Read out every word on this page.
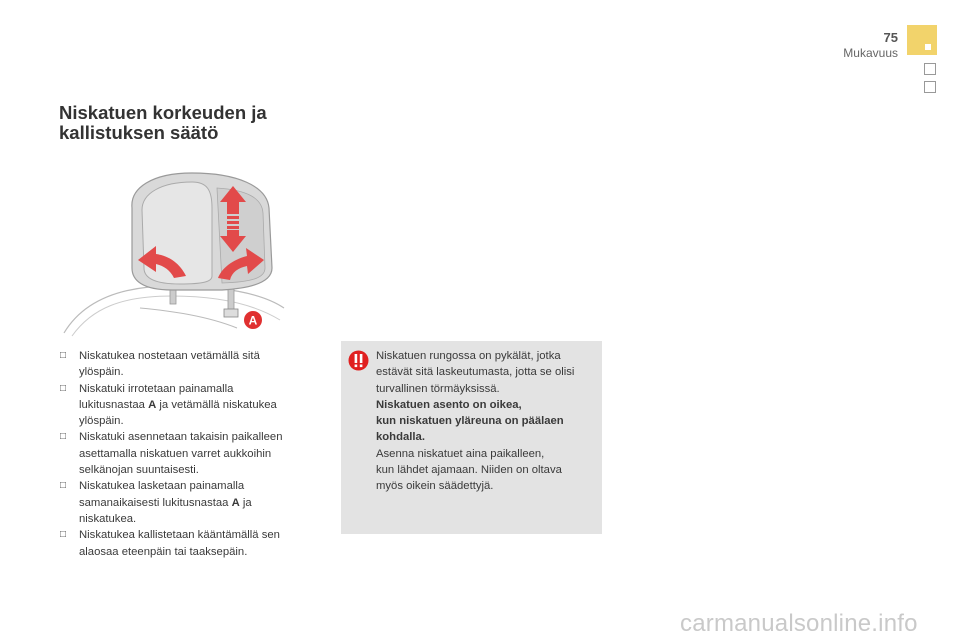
75
Mukavuus
Niskatuen korkeuden ja
kallistuksen säätö
A
□ Niskatukea nostetaan vetämällä sitä
ylöspäin.
□ Niskatuki irrotetaan painamalla
lukitusnastaa A ja vetämällä niskatukea
ylöspäin.
□ Niskatuki asennetaan takaisin paikalleen
asettamalla niskatuen varret aukkoihin
selkänojan suuntaisesti.
□ Niskatukea lasketaan painamalla
samanaikaisesti lukitusnastaa A ja
niskatukea.
□ Niskatukea kallistetaan kääntämällä sen
alaosaa eteenpäin tai taaksepäin.
Niskatuen rungossa on pykälät, jotka
estävät sitä laskeutumasta, jotta se olisi
turvallinen törmäyksissä.
Niskatuen asento on oikea,
kun niskatuen yläreuna on päälaen
kohdalla.
Asenna niskatuet aina paikalleen,
kun lähdet ajamaan. Niiden on oltava
myös oikein säädettyjä.
carmanualsonline.info
